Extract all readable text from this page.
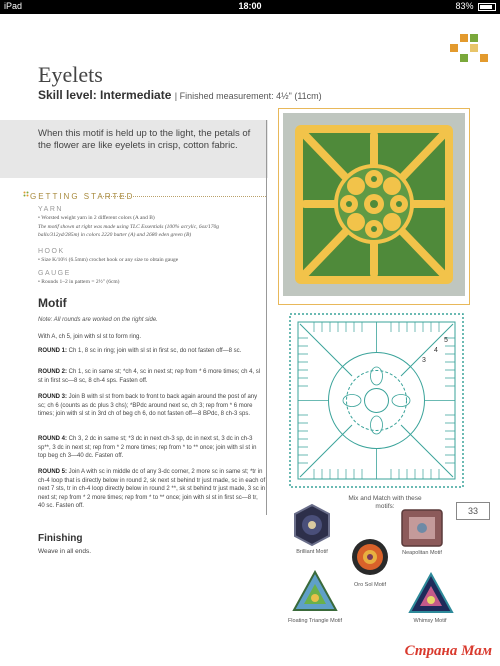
iPad	18:00	83%
Eyelets
Skill level: Intermediate | Finished measurement: 4½" (11cm)
When this motif is held up to the light, the petals of the flower are like eyelets in crisp, cotton fabric.
GETTING STARTED
YARN
• Worsted weight yarn in 2 different colors (A and B)
The motif shown at right was made using TLC Essentials (100% acrylic, 6oz/170g balls/312yd/285m) in colors 2220 butter (A) and 2680 eden green (B)
HOOK
• Size K/10½ (6.5mm) crochet hook or any size to obtain gauge
GAUGE
• Rounds 1–2 in pattern = 2½" (6cm)
Motif
Note: All rounds are worked on the right side.
With A, ch 5, join with sl st to form ring.
ROUND 1: Ch 1, 8 sc in ring; join with sl st in first sc, do not fasten off—8 sc.
ROUND 2: Ch 1, sc in same st; *ch 4, sc in next st; rep from * 6 more times; ch 4, sl st in first sc—8 sc, 8 ch-4 sps. Fasten off.
ROUND 3: Join B with sl st from back to front to back again around the post of any sc; ch 6 (counts as dc plus 3 chs); *BPdc around next sc, ch 3; rep from * 6 more times; join with sl st in 3rd ch of beg ch 6, do not fasten off—8 BPdc, 8 ch-3 sps.
ROUND 4: Ch 3, 2 dc in same st; *3 dc in next ch-3 sp, dc in next st, 3 dc in ch-3 sp**, 3 dc in next st; rep from * 2 more times; rep from * to ** once; join with sl st in top beg ch 3—40 dc. Fasten off.
ROUND 5: Join A with sc in middle dc of any 3-dc corner, 2 more sc in same st; *tr in ch-4 loop that is directly below in round 2, sk next st behind tr just made, sc in each of next 7 sts, tr in ch-4 loop directly below in round 2 **, sk st behind tr just made, 3 sc in next st; rep from * 2 more times; rep from * to ** once; join with sl st in first sc—8 tr, 40 sc. Fasten off.
Finishing
Weave in all ends.
5
4
3
Mix and Match with these motifs:	33
Brilliant Motif	Neapolitan Motif
Oro Sol Motif
Floating Triangle Motif	Whimsy Motif
Страна Мам
